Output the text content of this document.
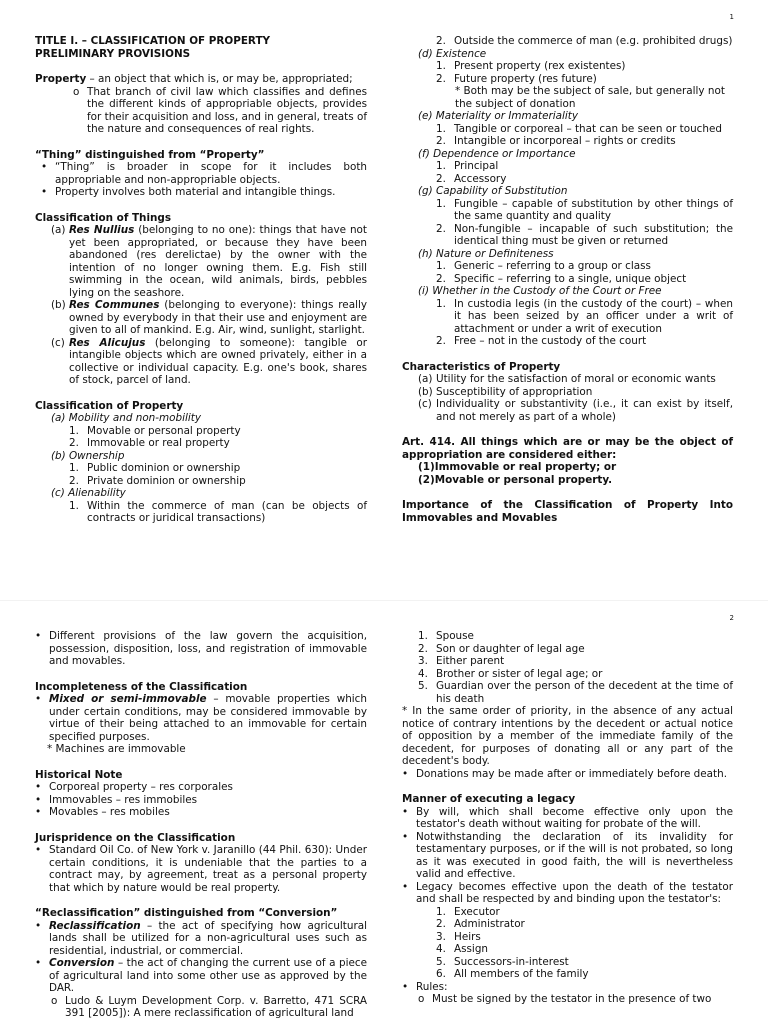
1
TITLE I. – CLASSIFICATION OF PROPERTY
PRELIMINARY PROVISIONS
Property – an object that which is, or may be, appropriated;
o That branch of civil law which classifies and defines the different kinds of appropriable objects, provides for their acquisition and loss, and in general, treats of the nature and consequences of real rights.
“Thing” distinguished from “Property”
• “Thing” is broader in scope for it includes both appropriable and non-appropriable objects.
• Property involves both material and intangible things.
Classification of Things
(a) Res Nullius (belonging to no one): things that have not yet been appropriated, or because they have been abandoned (res derelictae) by the owner with the intention of no longer owning them. E.g. Fish still swimming in the ocean, wild animals, birds, pebbles lying on the seashore.
(b) Res Communes (belonging to everyone): things really owned by everybody in that their use and enjoyment are given to all of mankind. E.g. Air, wind, sunlight, starlight.
(c) Res Alicujus (belonging to someone): tangible or intangible objects which are owned privately, either in a collective or individual capacity. E.g. one's book, shares of stock, parcel of land.
Classification of Property
(a) Mobility and non-mobility
1. Movable or personal property
2. Immovable or real property
(b) Ownership
1. Public dominion or ownership
2. Private dominion or ownership
(c) Alienability
1. Within the commerce of man (can be objects of contracts or juridical transactions)
2. Outside the commerce of man (e.g. prohibited drugs)
(d) Existence
1. Present property (rex existentes)
2. Future property (res future)
* Both may be the subject of sale, but generally not the subject of donation
(e) Materiality or Immateriality
1. Tangible or corporeal – that can be seen or touched
2. Intangible or incorporeal – rights or credits
(f) Dependence or Importance
1. Principal
2. Accessory
(g) Capability of Substitution
1. Fungible – capable of substitution by other things of the same quantity and quality
2. Non-fungible – incapable of such substitution; the identical thing must be given or returned
(h) Nature or Definiteness
1. Generic – referring to a group or class
2. Specific – referring to a single, unique object
(i) Whether in the Custody of the Court or Free
1. In custodia legis (in the custody of the court) – when it has been seized by an officer under a writ of attachment or under a writ of execution
2. Free – not in the custody of the court
Characteristics of Property
(a) Utility for the satisfaction of moral or economic wants
(b) Susceptibility of appropriation
(c) Individuality or substantivity (i.e., it can exist by itself, and not merely as part of a whole)
Art. 414. All things which are or may be the object of appropriation are considered either:
(1)Immovable or real property; or
(2)Movable or personal property.
Importance of the Classification of Property Into Immovables and Movables
2
• Different provisions of the law govern the acquisition, possession, disposition, loss, and registration of immovable and movables.
Incompleteness of the Classification
• Mixed or semi-immovable – movable properties which under certain conditions, may be considered immovable by virtue of their being attached to an immovable for certain specified purposes.
* Machines are immovable
Historical Note
• Corporeal property – res corporales
• Immovables – res immobiles
• Movables – res mobiles
Jurispridence on the Classification
• Standard Oil Co. of New York v. Jaranillo (44 Phil. 630): Under certain conditions, it is undeniable that the parties to a contract may, by agreement, treat as a personal property that which by nature would be real property.
“Reclassification” distinguished from “Conversion”
• Reclassification – the act of specifying how agricultural lands shall be utilized for a non-agricultural uses such as residential, industrial, or commercial.
• Conversion – the act of changing the current use of a piece of agricultural land into some other use as approved by the DAR.
o Ludo & Luym Development Corp. v. Barretto, 471 SCRA 391 [2005]): A mere reclassification of agricultural land
1. Spouse
2. Son or daughter of legal age
3. Either parent
4. Brother or sister of legal age; or
5. Guardian over the person of the decedent at the time of his death
* In the same order of priority, in the absence of any actual notice of contrary intentions by the decedent or actual notice of opposition by a member of the immediate family of the decedent, for purposes of donating all or any part of the decedent's body.
• Donations may be made after or immediately before death.
Manner of executing a legacy
• By will, which shall become effective only upon the testator's death without waiting for probate of the will.
• Notwithstanding the declaration of its invalidity for testamentary purposes, or if the will is not probated, so long as it was executed in good faith, the will is nevertheless valid and effective.
• Legacy becomes effective upon the death of the testator and shall be respected by and binding upon the testator's:
1. Executor
2. Administrator
3. Heirs
4. Assign
5. Successors-in-interest
6. All members of the family
• Rules:
o Must be signed by the testator in the presence of two
